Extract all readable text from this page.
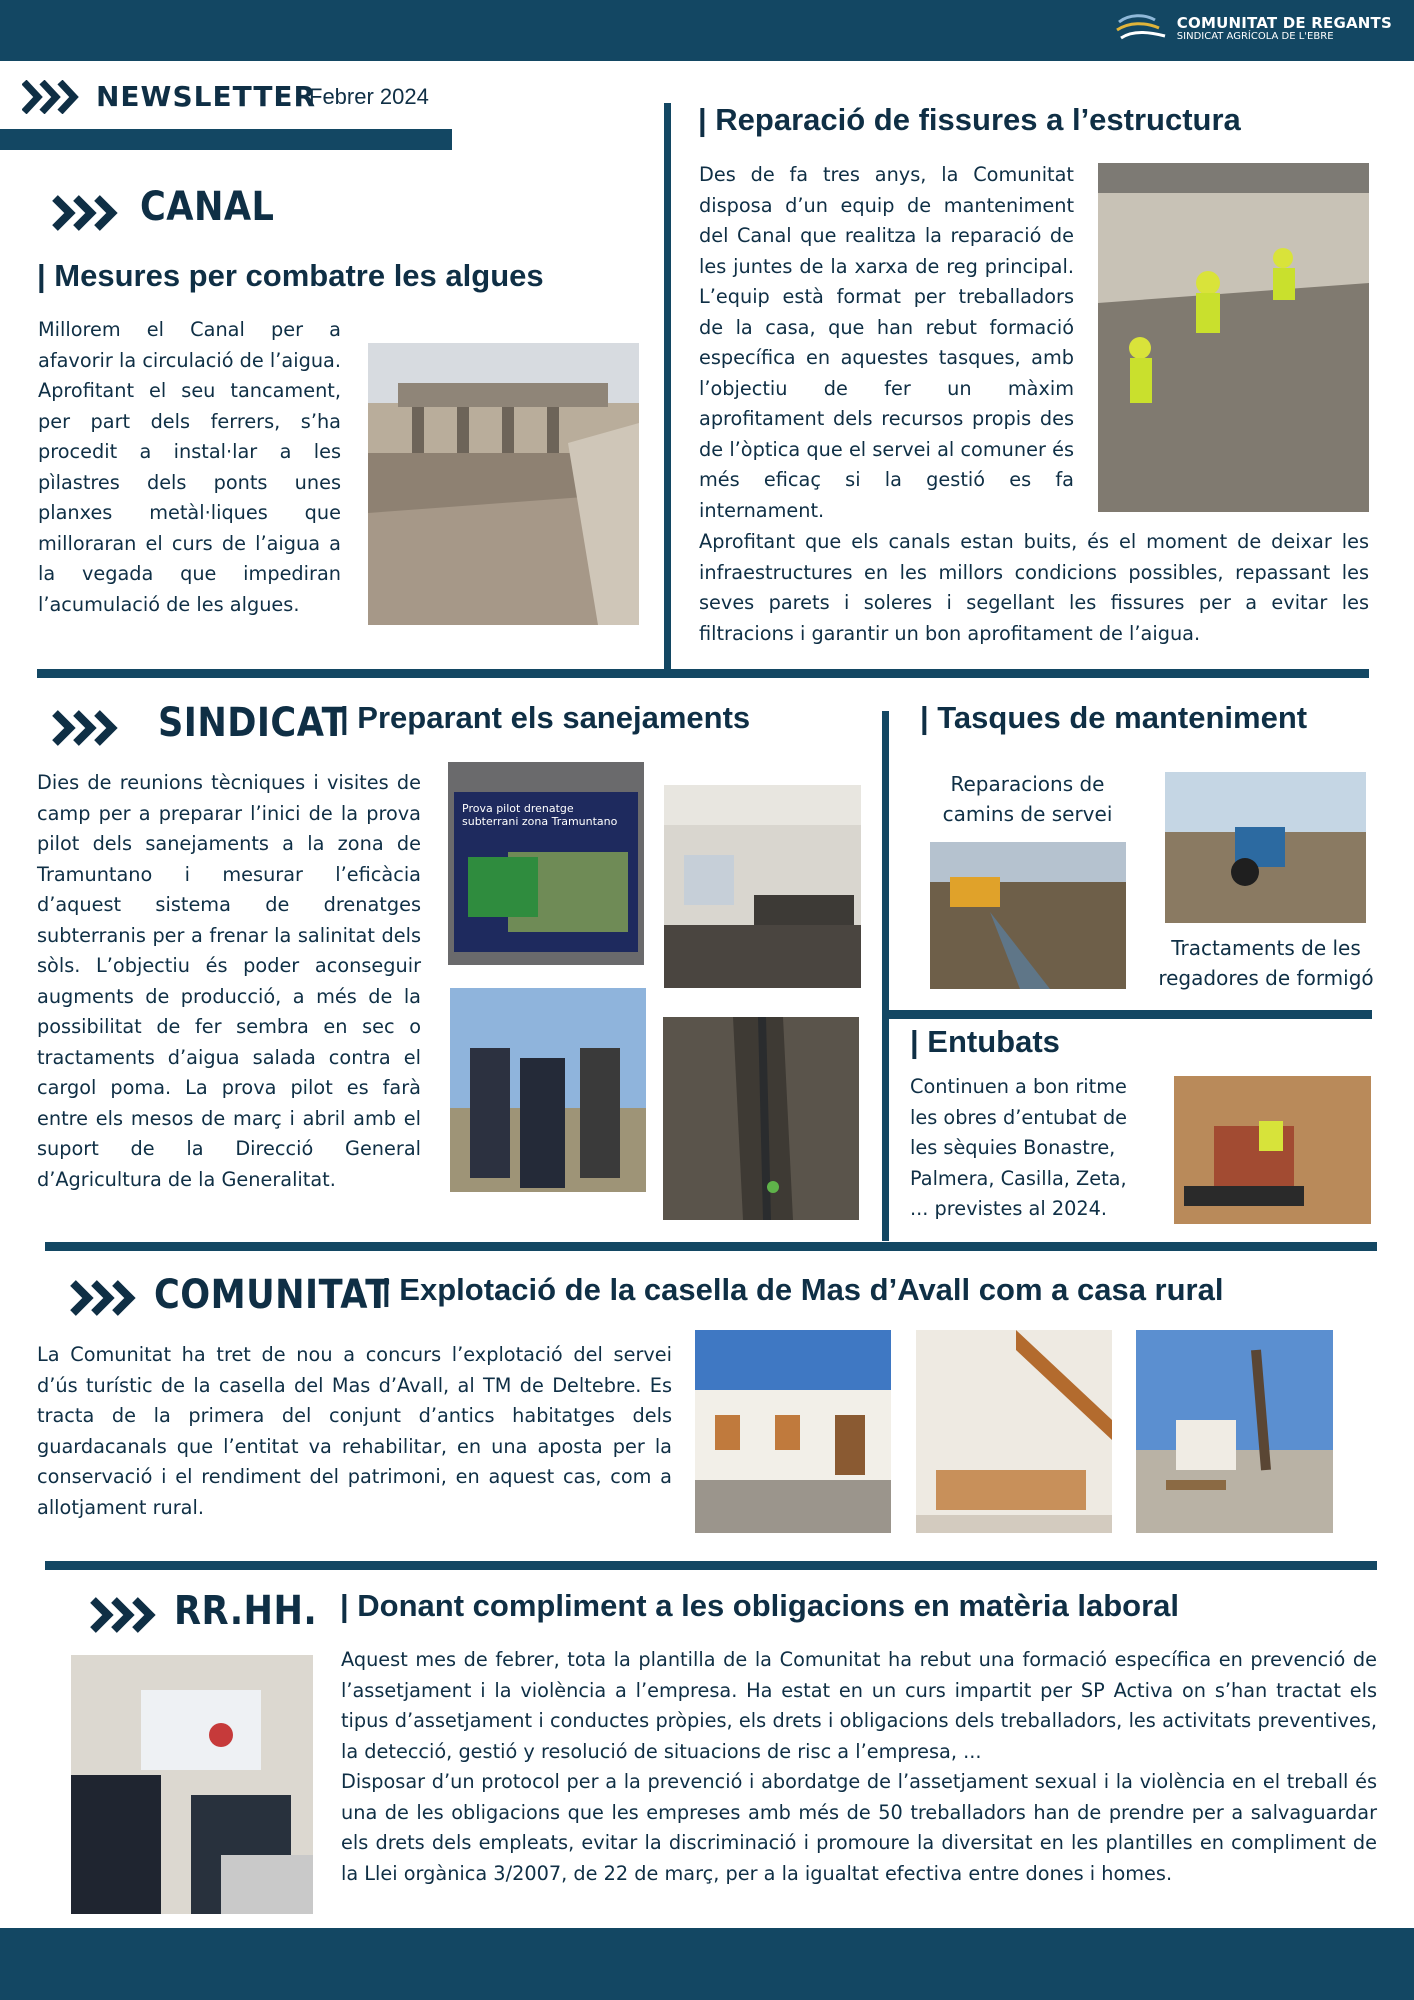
COMUNITAT DE REGANTS
SINDICAT AGRÍCOLA DE L'EBRE
NEWSLETTER
Febrer 2024
CANAL
| Mesures per combatre les algues
Millorem el Canal per a afavorir la circulació de l’aigua. Aprofitant el seu tancament, per part dels ferrers, s’ha procedit a instal·lar a les pìlastres dels ponts unes planxes metàl·liques que milloraran el curs de l’aigua a la vegada que impediran l’acumulació de les algues.
| Reparació de fissures a l’estructura
Des de fa tres anys, la Comunitat disposa d’un equip de manteniment del Canal que realitza la reparació de les juntes de la xarxa de reg principal. L’equip està format per treballadors de la casa, que han rebut formació específica en aquestes tasques, amb l’objectiu de fer un màxim aprofitament dels recursos propis des de l’òptica que el servei al comuner és més eficaç si la gestió es fa internament.
Aprofitant que els canals estan buits, és el moment de deixar les infraestructures en les millors condicions possibles, repassant les seves parets i soleres i segellant les fissures per a evitar les filtracions i garantir un bon aprofitament de l’aigua.
SINDICAT
| Preparant els sanejaments
Dies de reunions tècniques i visites de camp per a preparar l’inici de la prova pilot dels sanejaments a la zona de Tramuntano i mesurar l’eficàcia d’aquest sistema de drenatges subterranis per a frenar la salinitat dels sòls. L’objectiu és poder aconseguir augments de producció, a més de la possibilitat de fer sembra en sec o tractaments d’aigua salada contra el cargol poma. La prova pilot es farà entre els mesos de març i abril amb el suport de la Direcció General d’Agricultura de la Generalitat.
Prova pilot drenatge subterrani zona Tramuntano
| Tasques de manteniment
Reparacions de camins de servei
Tractaments de les regadores de formigó
| Entubats
Continuen a bon ritme les obres d’entubat de les sèquies Bonastre, Palmera, Casilla, Zeta, ... previstes al 2024.
COMUNITAT
| Explotació de la casella de Mas d’Avall com a casa rural
La Comunitat ha tret de nou a concurs l’explotació del servei d’ús turístic de la casella del Mas d’Avall, al TM de Deltebre. Es tracta de la primera del conjunt d’antics habitatges dels guardacanals que l’entitat va rehabilitar, en una aposta per la conservació i el rendiment del patrimoni, en aquest cas, com a allotjament rural.
RR.HH. | Donant compliment a les obligacions en matèria laboral
Aquest mes de febrer, tota la plantilla de la Comunitat ha rebut una formació específica en prevenció de l’assetjament i la violència a l’empresa. Ha estat en un curs impartit per SP Activa on s’han tractat els tipus d’assetjament i conductes pròpies, els drets i obligacions dels treballadors, les activitats preventives, la detecció, gestió y resolució de situacions de risc a l’empresa, ...
Disposar d’un protocol per a la prevenció i abordatge de l’assetjament sexual i la violència en el treball és una de les obligacions que les empreses amb més de 50 treballadors han de prendre per a salvaguardar els drets dels empleats, evitar la discriminació i promoure la diversitat en les plantilles en compliment de la Llei orgànica 3/2007, de 22 de març, per a la igualtat efectiva entre dones i homes.
